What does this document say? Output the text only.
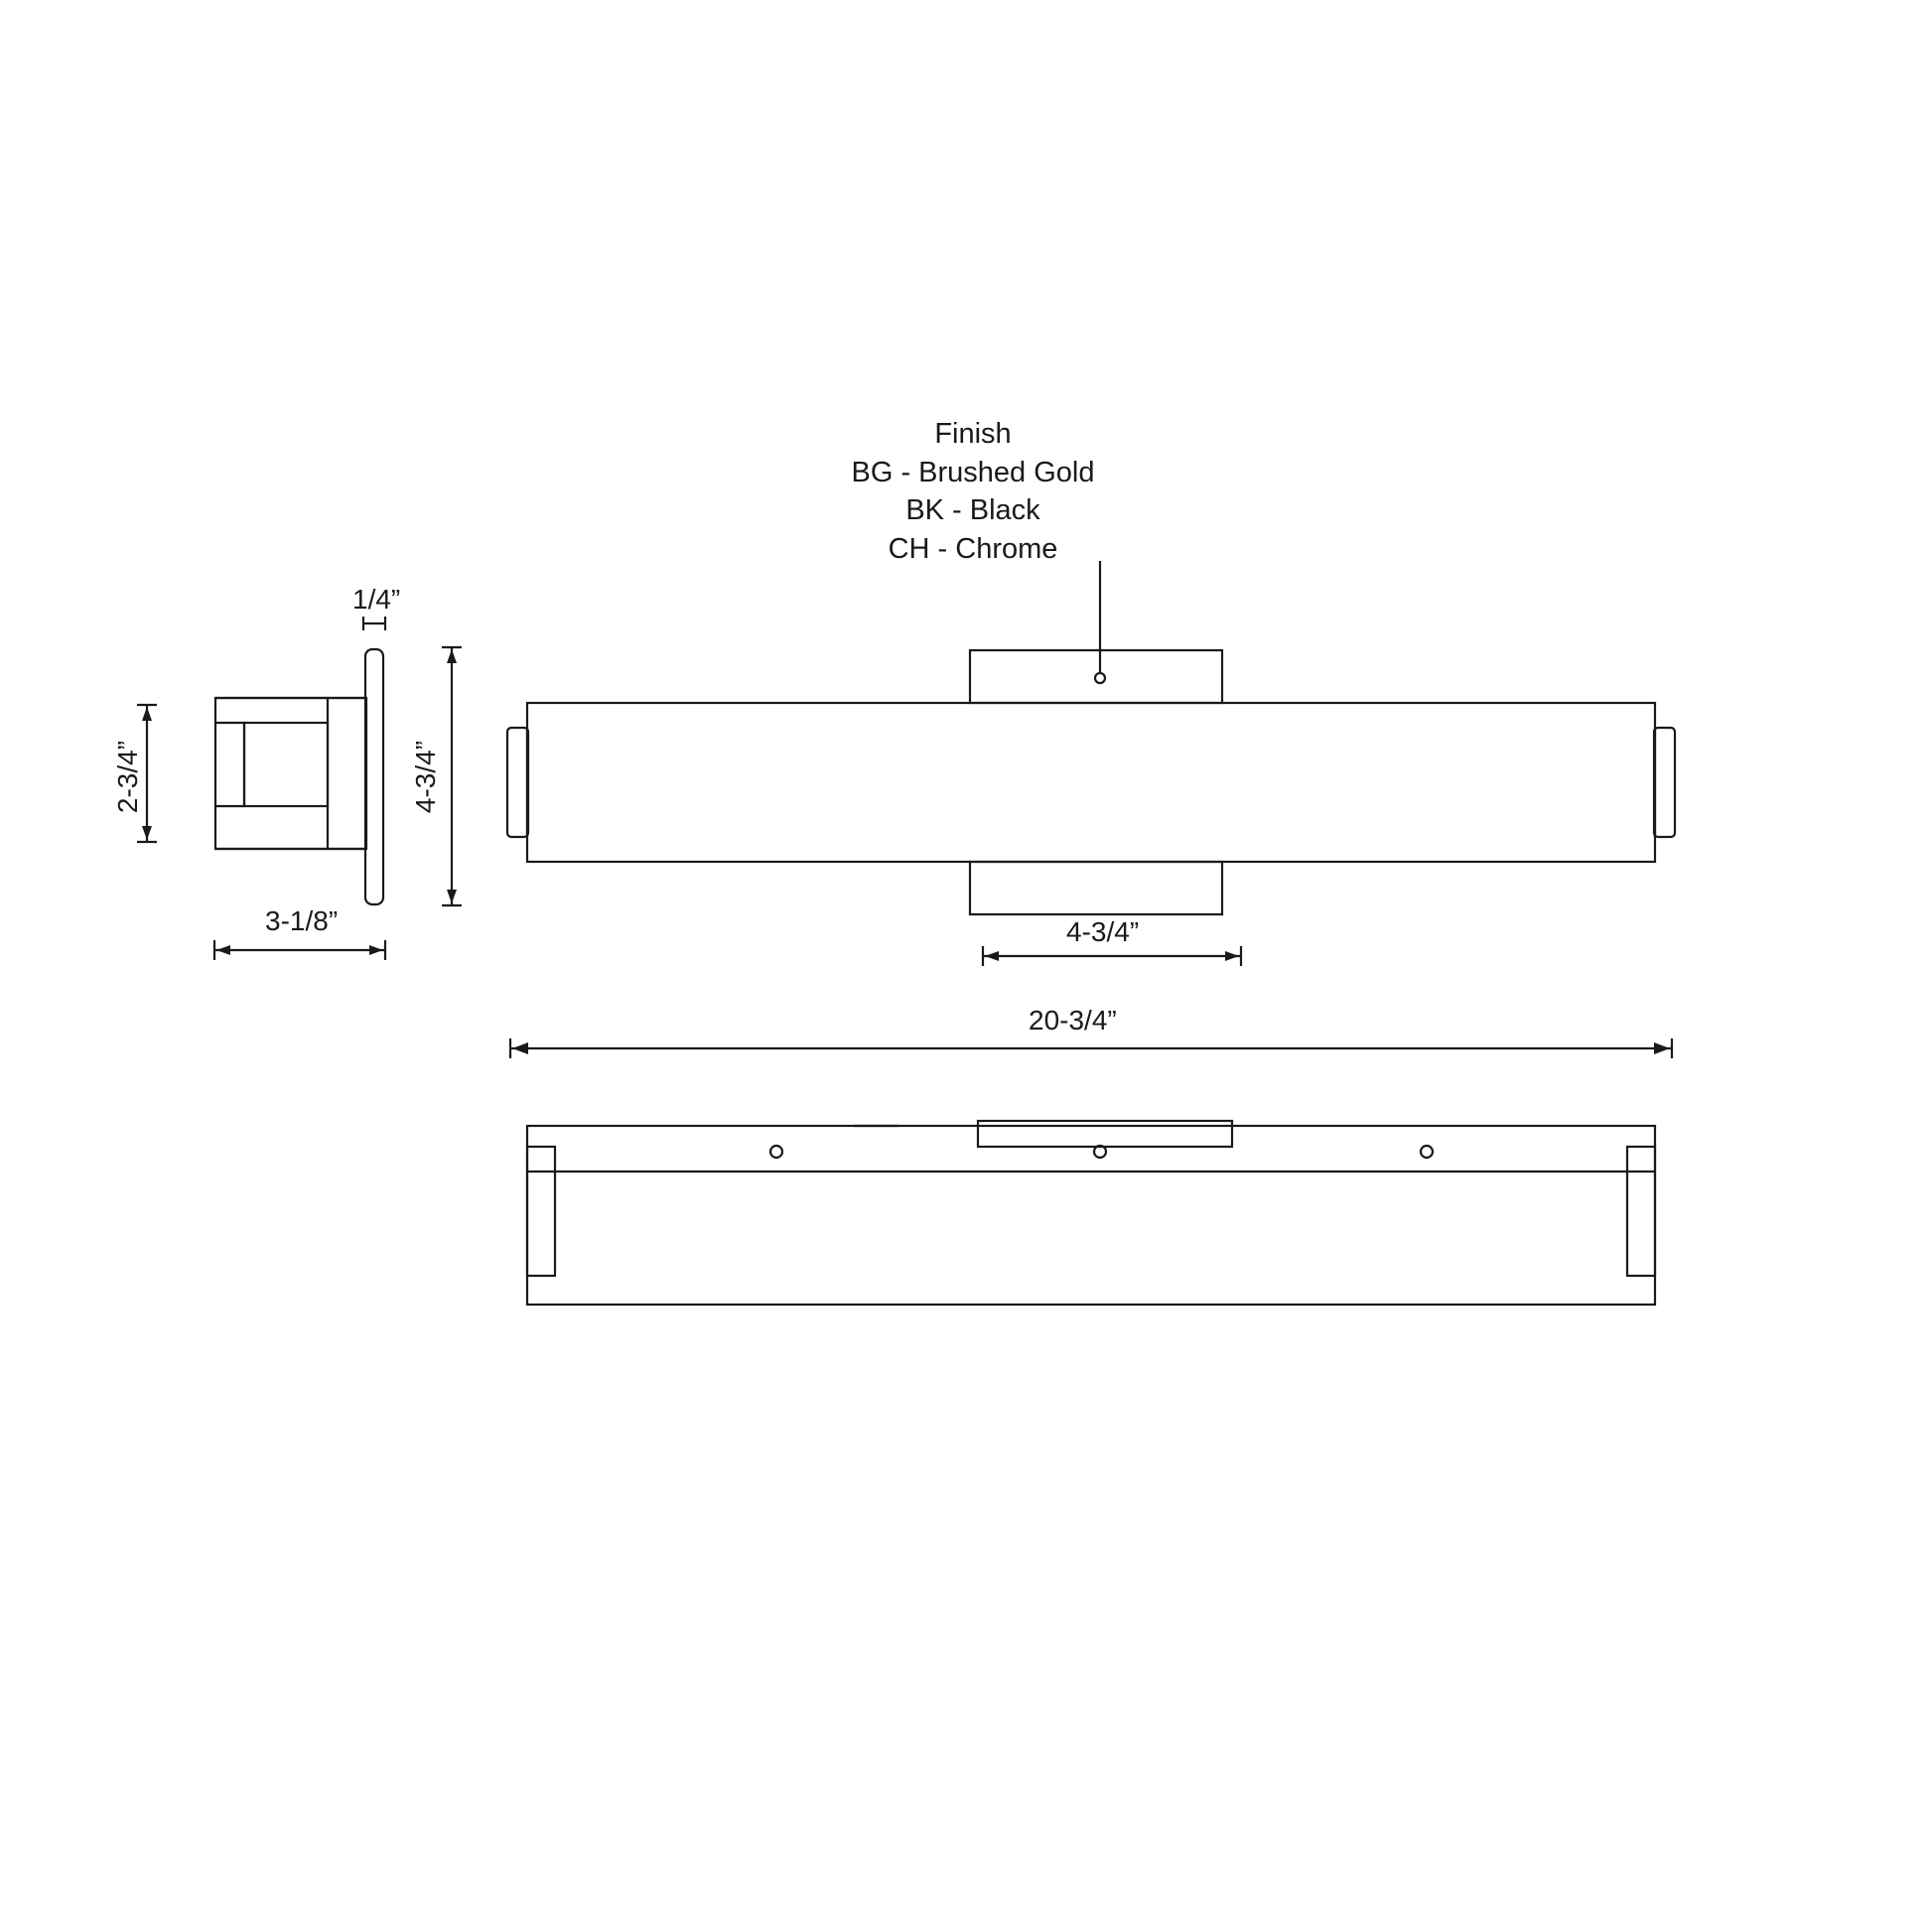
Finish
BG - Brushed Gold
BK - Black
CH - Chrome
1/4”
2-3/4”	4-3/4”
3-1/8”	4-3/4”
20-3/4”
